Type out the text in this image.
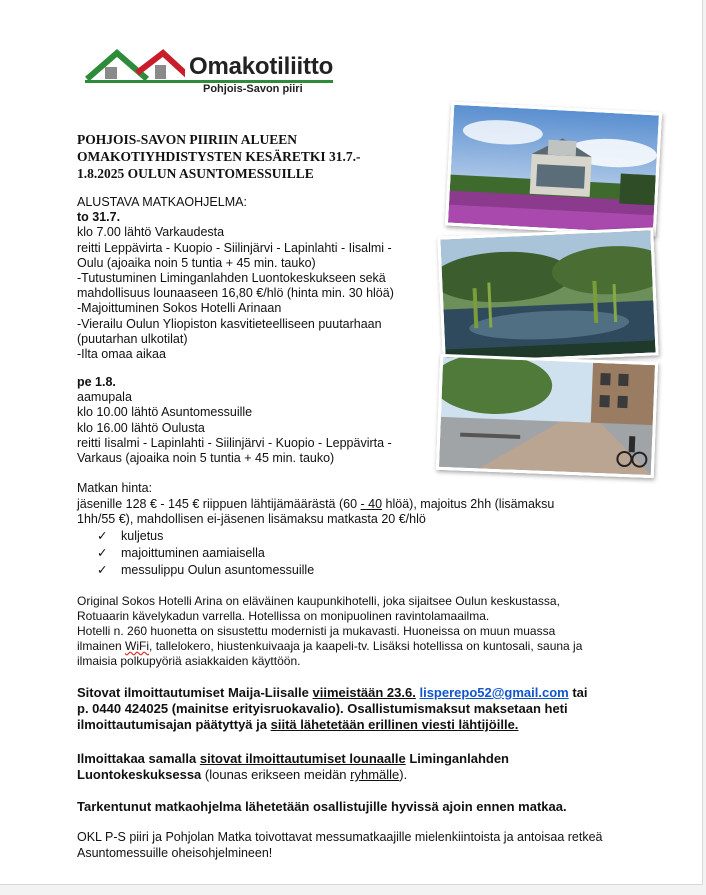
Omakotiliitto
Pohjois-Savon piiri
POHJOIS-SAVON PIIRIIN ALUEEN
OMAKOTIYHDISTYSTEN KESÄRETKI 31.7.-
1.8.2025 OULUN ASUNTOMESSUILLE
ALUSTAVA MATKAOHJELMA:
to 31.7.
klo 7.00 lähtö Varkaudesta
reitti Leppävirta - Kuopio - Siilinjärvi - Lapinlahti - Iisalmi -
Oulu (ajoaika noin 5 tuntia + 45 min. tauko)
-Tutustuminen Liminganlahden Luontokeskukseen sekä
mahdollisuus lounaaseen 16,80 €/hlö (hinta min. 30 hlöä)
-Majoittuminen Sokos Hotelli Arinaan
-Vierailu Oulun Yliopiston kasvitieteelliseen puutarhaan
(puutarhan ulkotilat)
-Ilta omaa aikaa
pe 1.8.
aamupala
klo 10.00 lähtö Asuntomessuille
klo 16.00 lähtö Oulusta
reitti Iisalmi - Lapinlahti - Siilinjärvi - Kuopio - Leppävirta -
Varkaus (ajoaika noin 5 tuntia + 45 min. tauko)
Matkan hinta:
jäsenille 128 € - 145 € riippuen lähtijämäärästä (60 - 40 hlöä), majoitus 2hh (lisämaksu
1hh/55 €), mahdollisen ei-jäsenen lisämaksu matkasta 20 €/hlö
✓ kuljetus
✓ majoittuminen aamiaisella
✓ messulippu Oulun asuntomessuille
Original Sokos Hotelli Arina on eläväinen kaupunkihotelli, joka sijaitsee Oulun keskustassa,
Rotuaarin kävelykadun varrella. Hotellissa on monipuolinen ravintolamaailma.
Hotelli n. 260 huonetta on sisustettu modernisti ja mukavasti. Huoneissa on muun muassa
ilmainen WiFi, tallelokero, hiustenkuivaaja ja kaapeli-tv. Lisäksi hotellissa on kuntosali, sauna ja
ilmaisia polkupyöriä asiakkaiden käyttöön.
Sitovat ilmoittautumiset Maija-Liisalle viimeistään 23.6. lisperepo52@gmail.com tai
p. 0440 424025 (mainitse erityisruokavalio). Osallistumismaksut maksetaan heti
ilmoittautumisajan päätyttyä ja siitä lähetetään erillinen viesti lähtijöille.
Ilmoittakaa samalla sitovat ilmoittautumiset lounaalle Liminganlahden
Luontokeskuksessa (lounas erikseen meidän ryhmälle).
Tarkentunut matkaohjelma lähetetään osallistujille hyvissä ajoin ennen matkaa.
OKL P-S piiri ja Pohjolan Matka toivottavat messumatkaajille mielenkiintoista ja antoisaa retkeä
Asuntomessuille oheisohjelmineen!
